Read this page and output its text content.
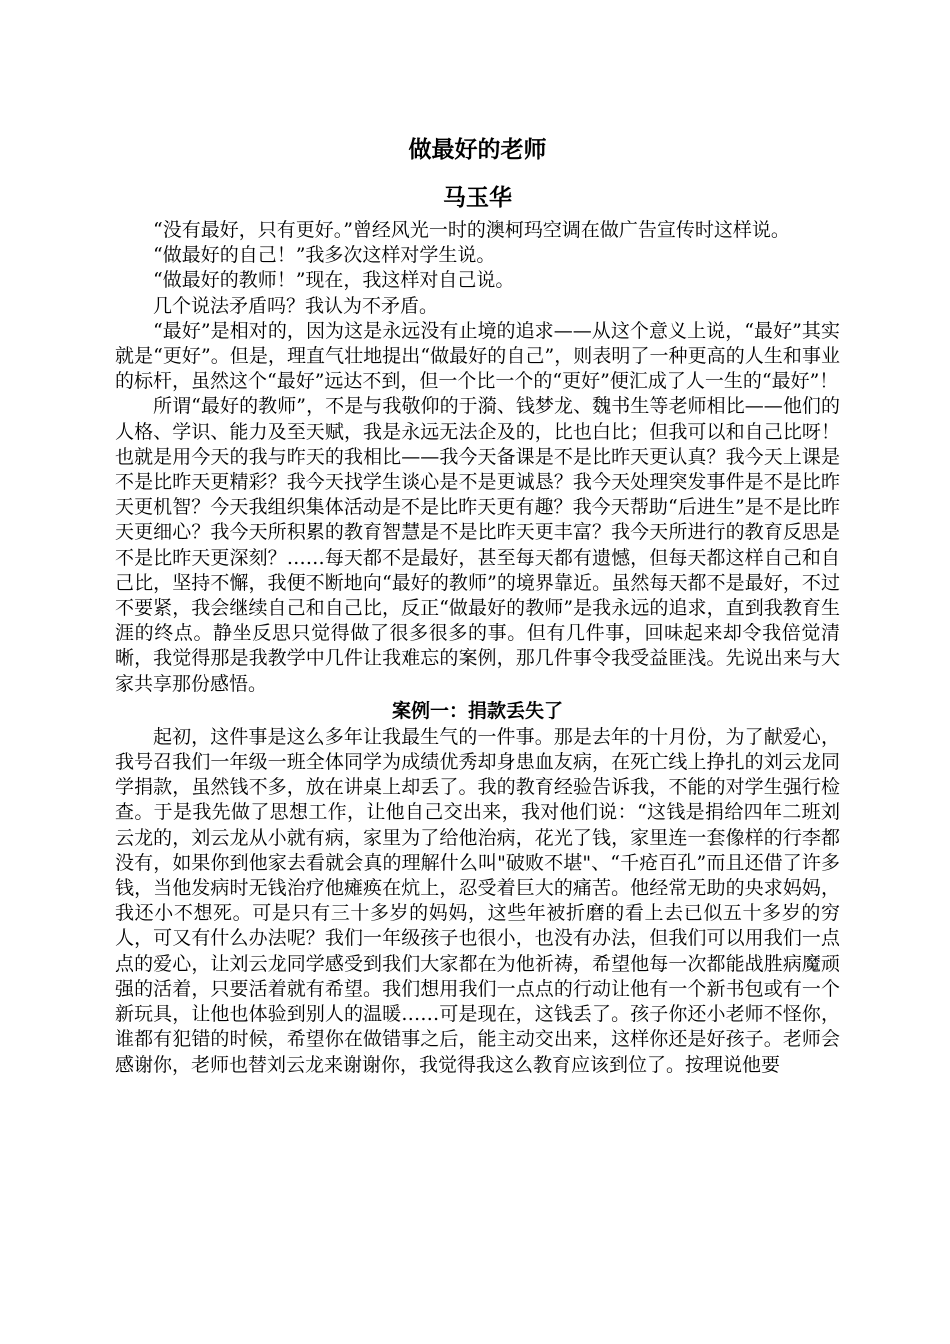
做最好的老师
马玉华

“没有最好，只有更好。”曾经风光一时的澳柯玛空调在做广告宣传时这样说。

“做最好的自己！”我多次这样对学生说。

“做最好的教师！”现在，我这样对自己说。

几个说法矛盾吗？我认为不矛盾。

“最好”是相对的，因为这是永远没有止境的追求——从这个意义上说，“最好”其实就是“更好”。但是，理直气壮地提出“做最好的自己”，则表明了一种更高的人生和事业的标杆，虽然这个“最好”远达不到，但一个比一个的“更好”便汇成了人一生的“最好”！

所谓“最好的教师”，不是与我敬仰的于漪、钱梦龙、魏书生等老师相比——他们的人格、学识、能力及至天赋，我是永远无法企及的，比也白比；但我可以和自己比呀！也就是用今天的我与昨天的我相比——我今天备课是不是比昨天更认真？我今天上课是不是比昨天更精彩？我今天找学生谈心是不是更诚恳？我今天处理突发事件是不是比昨天更机智？今天我组织集体活动是不是比昨天更有趣？我今天帮助“后进生”是不是比昨天更细心？我今天所积累的教育智慧是不是比昨天更丰富？我今天所进行的教育反思是不是比昨天更深刻？……每天都不是最好，甚至每天都有遗憾，但每天都这样自己和自己比，坚持不懈，我便不断地向“最好的教师”的境界靠近。虽然每天都不是最好，不过不要紧，我会继续自己和自己比，反正“做最好的教师”是我永远的追求，直到我教育生涯的终点。静坐反思只觉得做了很多很多的事。但有几件事，回味起来却令我倍觉清晰，我觉得那是我教学中几件让我难忘的案例，那几件事令我受益匪浅。先说出来与大家共享那份感悟。

案例一：捐款丢失了

起初，这件事是这么多年让我最生气的一件事。那是去年的十月份，为了献爱心，我号召我们一年级一班全体同学为成绩优秀却身患血友病，在死亡线上挣扎的刘云龙同学捐款，虽然钱不多，放在讲桌上却丢了。我的教育经验告诉我，不能的对学生强行检查。于是我先做了思想工作，让他自己交出来，我对他们说：“这钱是捐给四年二班刘云龙的，刘云龙从小就有病，家里为了给他治病，花光了钱，家里连一套像样的行李都没有，如果你到他家去看就会真的理解什么叫"破败不堪"、“千疮百孔”而且还借了许多钱，当他发病时无钱治疗他瘫痪在炕上，忍受着巨大的痛苦。他经常无助的央求妈妈，我还小不想死。可是只有三十多岁的妈妈，这些年被折磨的看上去已似五十多岁的穷人，可又有什么办法呢？我们一年级孩子也很小，也没有办法，但我们可以用我们一点点的爱心，让刘云龙同学感受到我们大家都在为他祈祷，希望他每一次都能战胜病魔顽强的活着，只要活着就有希望。我们想用我们一点点的行动让他有一个新书包或有一个新玩具，让他也体验到别人的温暖……可是现在，这钱丢了。孩子你还小老师不怪你，谁都有犯错的时候，希望你在做错事之后，能主动交出来，这样你还是好孩子。老师会感谢你，老师也替刘云龙来谢谢你，我觉得我这么教育应该到位了。按理说他要
